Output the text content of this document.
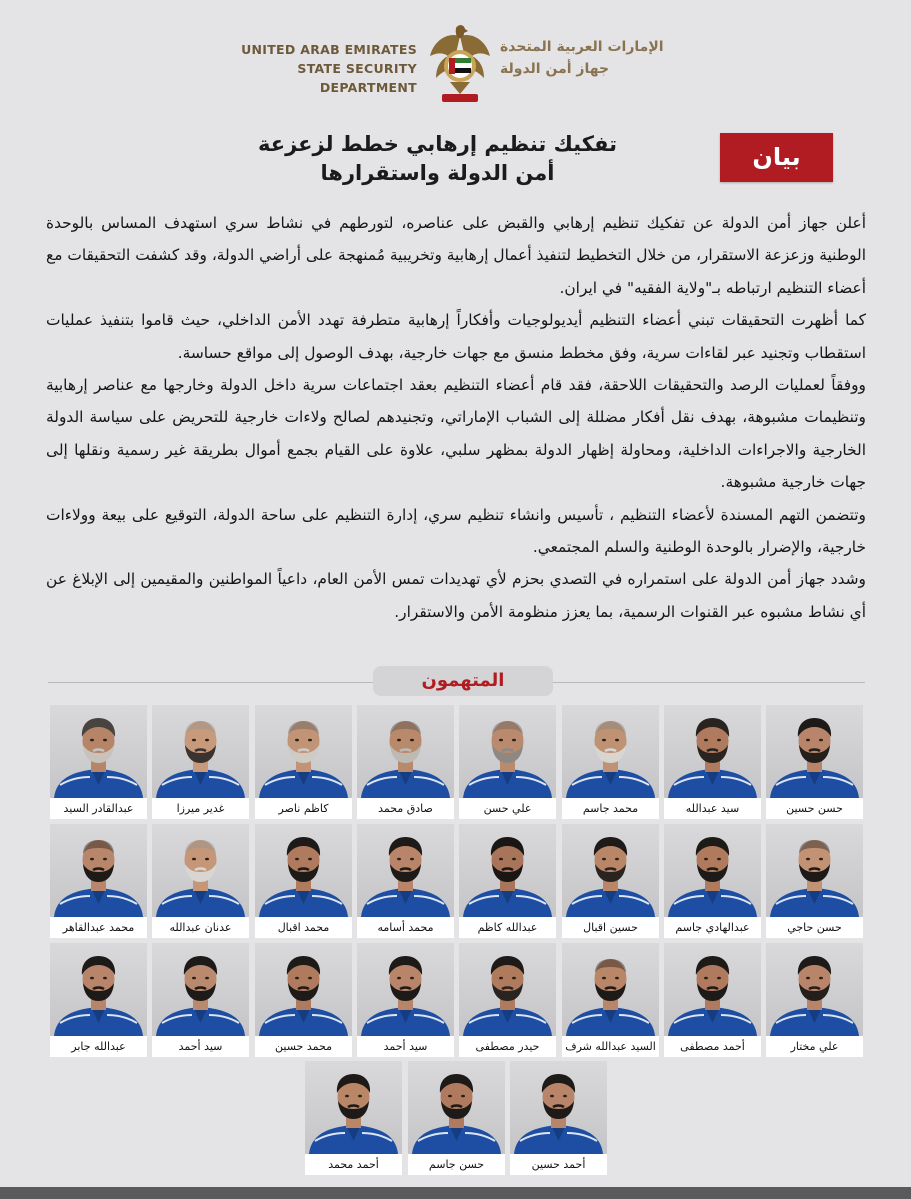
UNITED ARAB EMIRATES
STATE SECURITY DEPARTMENT
الإمارات العربية المتحدة
جهاز أمن الدولة
تفكيك تنظيم إرهابي خطط لزعزعة
أمن الدولة واستقرارها
بيان

أعلن جهاز أمن الدولة عن تفكيك تنظيم إرهابي والقبض على عناصره، لتورطهم في نشاط سري استهدف المساس بالوحدة الوطنية وزعزعة الاستقرار، من خلال التخطيط لتنفيذ أعمال إرهابية وتخريبية مُمنهجة على أراضي الدولة، وقد كشفت التحقيقات مع أعضاء التنظيم ارتباطه بـ"ولاية الفقيه" في ايران.

كما أظهرت التحقيقات تبني أعضاء التنظيم أيديولوجيات وأفكاراً إرهابية متطرفة تهدد الأمن الداخلي، حيث قاموا بتنفيذ عمليات استقطاب وتجنيد عبر لقاءات سرية، وفق مخطط منسق مع جهات خارجية، بهدف الوصول إلى مواقع حساسة.

ووفقاً لعمليات الرصد والتحقيقات اللاحقة، فقد قام أعضاء التنظيم بعقد اجتماعات سرية داخل الدولة وخارجها مع عناصر إرهابية وتنظيمات مشبوهة، بهدف نقل أفكار مضللة إلى الشباب الإماراتي، وتجنيدهم لصالح ولاءات خارجية للتحريض على سياسة الدولة الخارجية والاجراءات الداخلية، ومحاولة إظهار الدولة بمظهر سلبي، علاوة على القيام بجمع أموال بطريقة غير رسمية ونقلها إلى جهات خارجية مشبوهة.

وتتضمن التهم المسندة لأعضاء التنظيم ، تأسيس وانشاء تنظيم سري، إدارة التنظيم على ساحة الدولة، التوقيع على بيعة وولاءات خارجية، والإضرار بالوحدة الوطنية والسلم المجتمعي.

وشدد جهاز أمن الدولة على استمراره في التصدي بحزم لأي تهديدات تمس الأمن العام، داعياً المواطنين والمقيمين إلى الإبلاغ عن أي نشاط مشبوه عبر القنوات الرسمية، بما يعزز منظومة الأمن والاستقرار.

المتهمون
حسن حسين
سيد عبدالله
محمد جاسم
علي حسن
صادق محمد
كاظم ناصر
غدير ميرزا
عبدالقادر السيد
حسن حاجي
عبدالهادي جاسم
حسين اقبال
عبدالله كاظم
محمد أسامه
محمد اقبال
عدنان عبدالله
محمد عبدالقاهر
علي مختار
أحمد مصطفى
السيد عبدالله شرف
حيدر مصطفى
سيد أحمد
محمد حسين
سيد أحمد
عبدالله جابر
أحمد حسين
حسن جاسم
أحمد محمد
